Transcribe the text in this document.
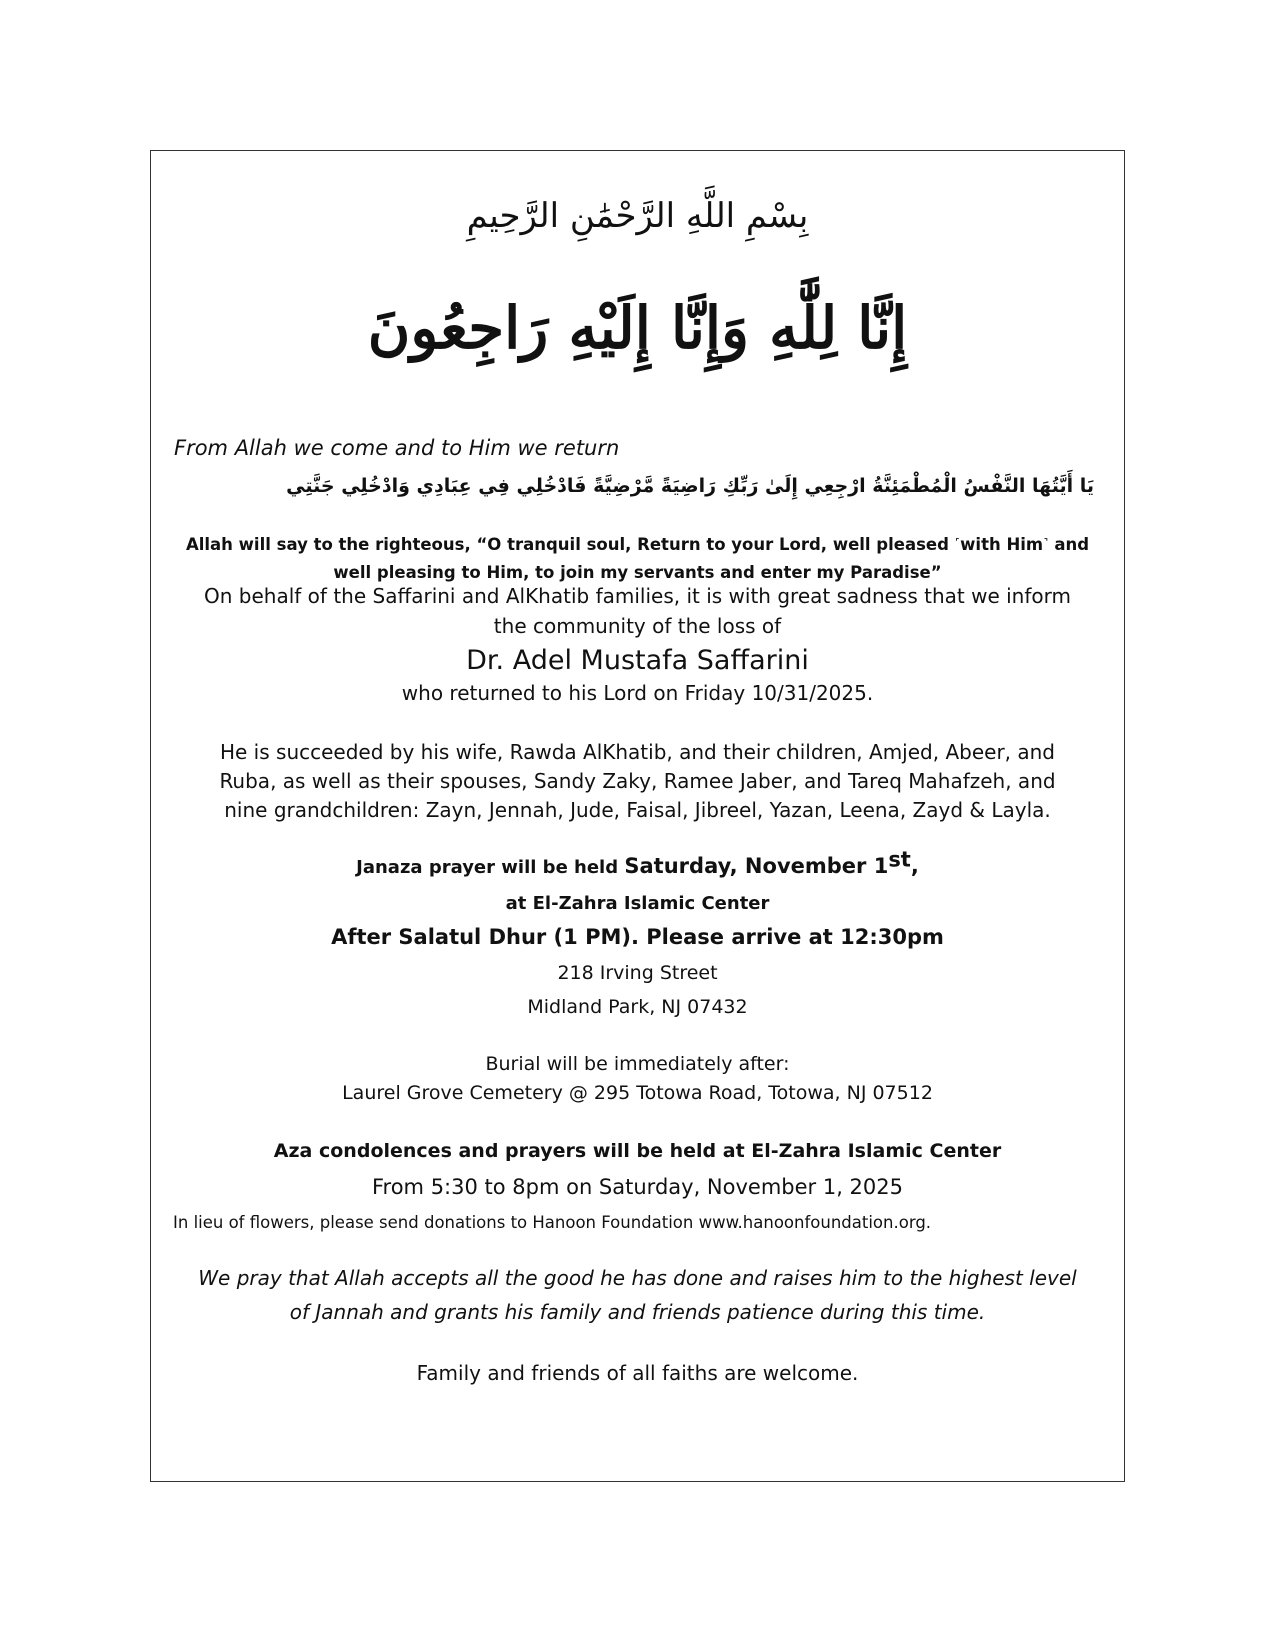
بِسْمِ اللَّهِ الرَّحْمَٰنِ الرَّحِيمِ
إِنَّا لِلَّٰهِ وَإِنَّا إِلَيْهِ رَاجِعُونَ
From Allah we come and to Him we return
يَا أَيَّتُهَا النَّفْسُ الْمُطْمَئِنَّةُ ارْجِعِي إِلَىٰ رَبِّكِ رَاضِيَةً مَّرْضِيَّةً فَادْخُلِي فِي عِبَادِي وَادْخُلِي جَنَّتِي
Allah will say to the righteous, “O tranquil soul, Return to your Lord, well pleased ˹with Him˺ and
well pleasing to Him, to join my servants and enter my Paradise”
On behalf of the Saffarini and AlKhatib families, it is with great sadness that we inform
the community of the loss of
Dr. Adel Mustafa Saffarini
who returned to his Lord on Friday 10/31/2025.
He is succeeded by his wife, Rawda AlKhatib, and their children, Amjed, Abeer, and
Ruba, as well as their spouses, Sandy Zaky, Ramee Jaber, and Tareq Mahafzeh, and
nine grandchildren: Zayn, Jennah, Jude, Faisal, Jibreel, Yazan, Leena, Zayd & Layla.
Janaza prayer will be held Saturday, November 1st,
at El-Zahra Islamic Center
After Salatul Dhur (1 PM). Please arrive at 12:30pm
218 Irving Street
Midland Park, NJ 07432
Burial will be immediately after:
Laurel Grove Cemetery @ 295 Totowa Road, Totowa, NJ 07512
Aza condolences and prayers will be held at El-Zahra Islamic Center
From 5:30 to 8pm on Saturday, November 1, 2025
In lieu of flowers, please send donations to Hanoon Foundation www.hanoonfoundation.org.
We pray that Allah accepts all the good he has done and raises him to the highest level
of Jannah and grants his family and friends patience during this time.
Family and friends of all faiths are welcome.
